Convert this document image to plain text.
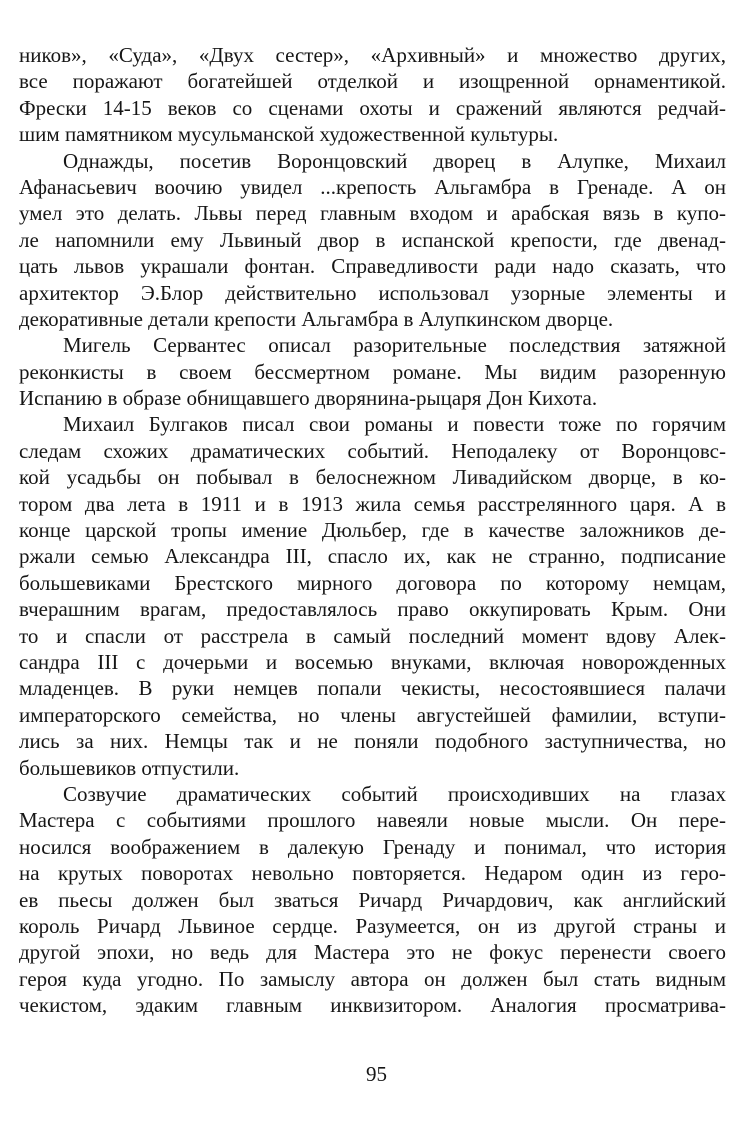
ников», «Суда», «Двух сестер», «Архивный» и множество других,
все поражают богатейшей отделкой и изощренной орнаментикой.
Фрески 14-15 веков со сценами охоты и сражений являются редчай-
шим памятником мусульманской художественной культуры.
Однажды, посетив Воронцовский дворец в Алупке, Михаил
Афанасьевич воочию увидел ...крепость Альгамбра в Гренаде. А он
умел это делать. Львы перед главным входом и арабская вязь в купо-
ле напомнили ему Львиный двор в испанской крепости, где двенад-
цать львов украшали фонтан. Справедливости ради надо сказать, что
архитектор Э.Блор действительно использовал узорные элементы и
декоративные детали крепости Альгамбра в Алупкинском дворце.
Мигель Сервантес описал разорительные последствия затяжной
реконкисты в своем бессмертном романе. Мы видим разоренную
Испанию в образе обнищавшего дворянина-рыцаря Дон Кихота.
Михаил Булгаков писал свои романы и повести тоже по горячим
следам схожих драматических событий. Неподалеку от Воронцовс-
кой усадьбы он побывал в белоснежном Ливадийском дворце, в ко-
тором два лета в 1911 и в 1913 жила семья расстрелянного царя. А в
конце царской тропы имение Дюльбер, где в качестве заложников де-
ржали семью Александра III, спасло их, как не странно, подписание
большевиками Брестского мирного договора по которому немцам,
вчерашним врагам, предоставлялось право оккупировать Крым. Они
то и спасли от расстрела в самый последний момент вдову Алек-
сандра III с дочерьми и восемью внуками, включая новорожденных
младенцев. В руки немцев попали чекисты, несостоявшиеся палачи
императорского семейства, но члены августейшей фамилии, вступи-
лись за них. Немцы так и не поняли подобного заступничества, но
большевиков отпустили.
Созвучие драматических событий происходивших на глазах
Мастера с событиями прошлого навеяли новые мысли. Он пере-
носился воображением в далекую Гренаду и понимал, что история
на крутых поворотах невольно повторяется. Недаром один из геро-
ев пьесы должен был зваться Ричард Ричардович, как английский
король Ричард Львиное сердце. Разумеется, он из другой страны и
другой эпохи, но ведь для Мастера это не фокус перенести своего
героя куда угодно. По замыслу автора он должен был стать видным
чекистом, эдаким главным инквизитором. Аналогия просматрива-
95
